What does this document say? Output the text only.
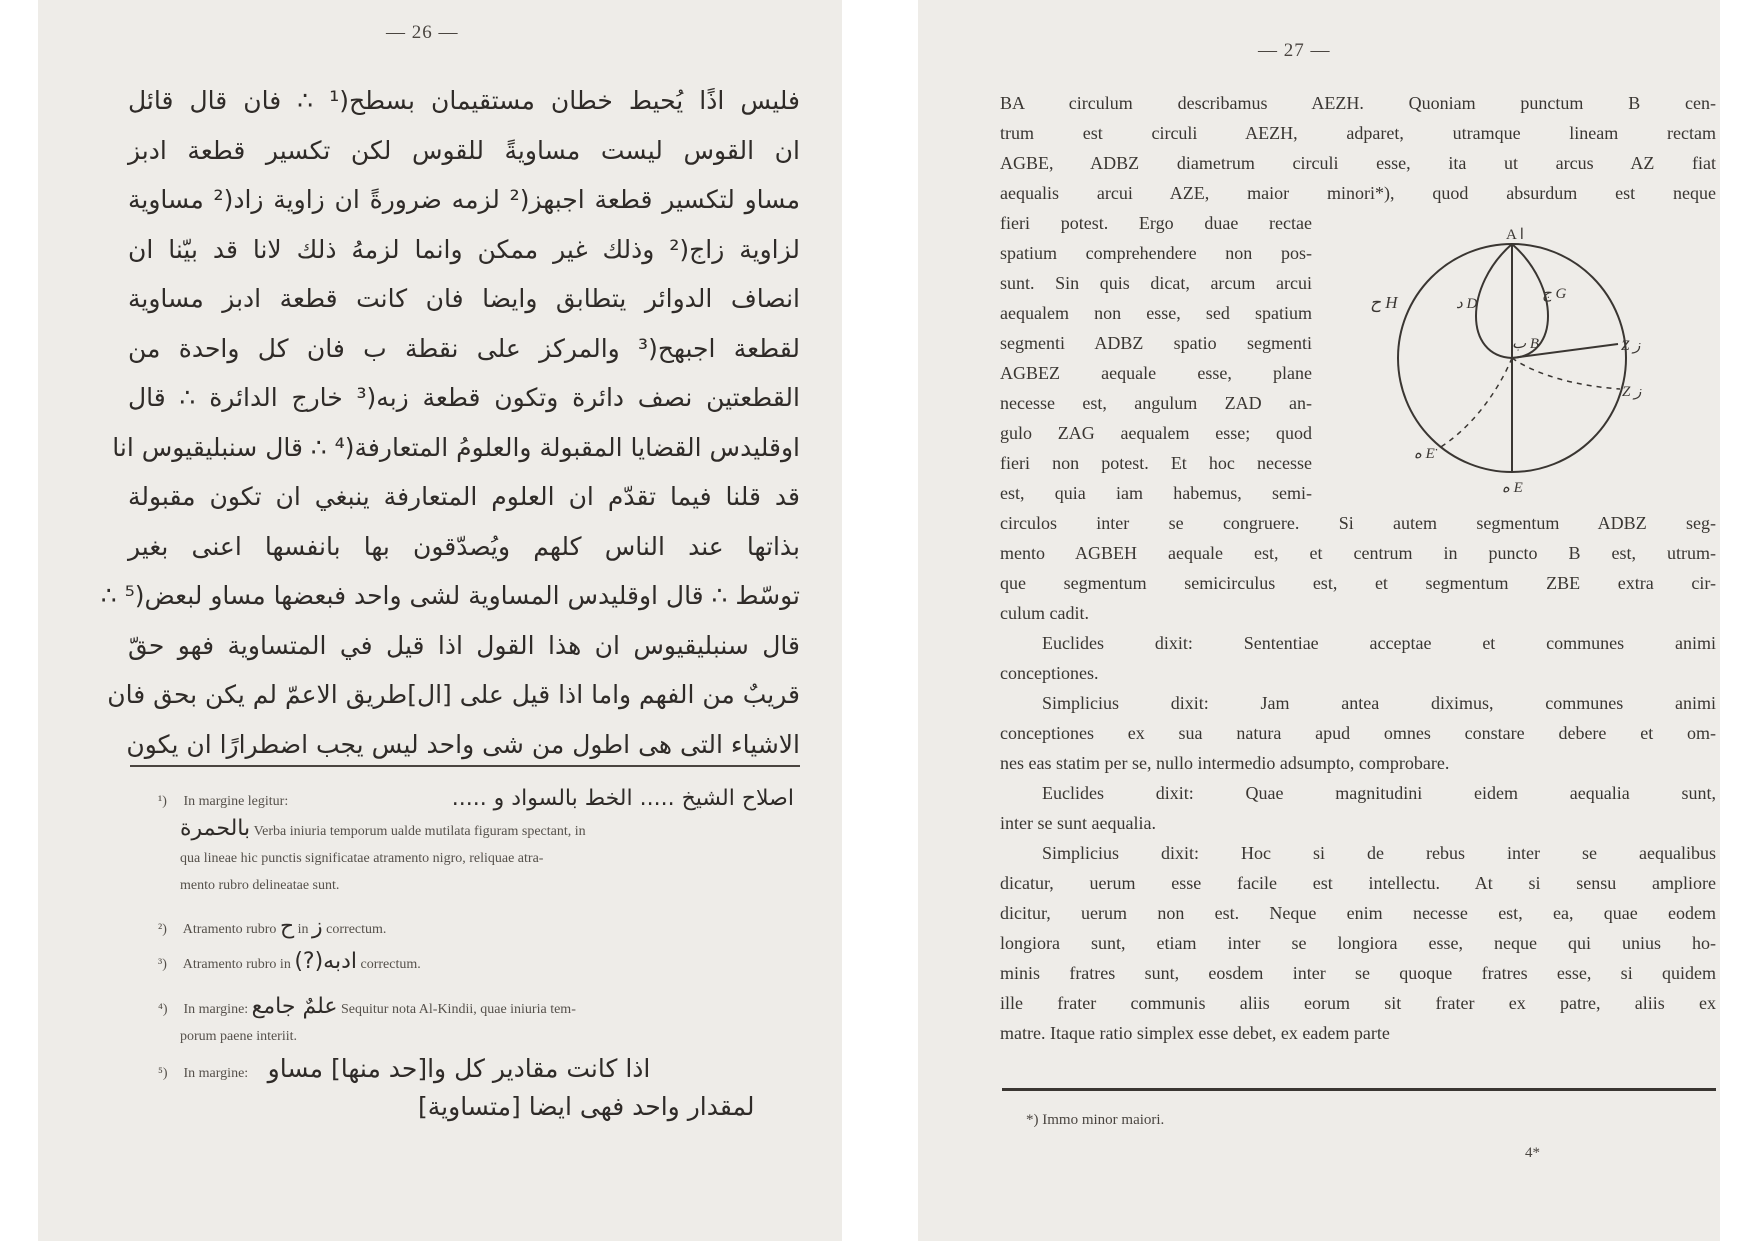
— 26 —
فليس اذًا يُحيط خطان مستقيمان بسطح(¹ ∴ فان قال قائل
ان القوس ليست مساويةً للقوس لكن تكسير قطعة ادبز
مساو لتكسير قطعة اجبهز(² لزمه ضرورةً ان زاوية زاد(² مساوية
لزاوية زاج(² وذلك غير ممكن وانما لزمهُ ذلك لانا قد بيّنا ان
انصاف الدوائر يتطابق وايضا فان كانت قطعة ادبز مساوية
لقطعة اجبهح(³ والمركز على نقطة ب فان كل واحدة من
القطعتين نصف دائرة وتكون قطعة زبه(³ خارج الدائرة ∴ قال
اوقليدس القضايا المقبولة والعلومُ المتعارفة(⁴ ∴ قال سنبليقيوس انا
قد قلنا فيما تقدّم ان العلوم المتعارفة ينبغي ان تكون مقبولة
بذاتها عند الناس كلهم ويُصدّقون بها بانفسها اعنى بغير
توسّط ∴ قال اوقليدس المساوية لشى واحد فبعضها مساو لبعض(⁵ ∴
قال سنبليقيوس ان هذا القول اذا قيل في المتساوية فهو حقّ
قريبٌ من الفهم واما اذا قيل على [ال]طريق الاعمّ لم يكن بحق فان
الاشياء التى هى اطول من شى واحد ليس يجب اضطرارًا ان يكون
¹) In margine legitur:	اصلاح الشيخ ..... الخط بالسواد و .....
بالحمرة Verba iniuria temporum ualde mutilata figuram spectant, in
qua lineae hic punctis significatae atramento nigro, reliquae atra-
mento rubro delineatae sunt.
²) Atramento rubro ح in ز correctum.
³) Atramento rubro in (?)ادبه correctum.
⁴) In margine: علمٌ جامع Sequitur nota Al-Kindii, quae iniuria tem-
porum paene interiit.
⁵) In margine: اذا كانت مقادير كل وا[حد منها] مساو
لمقدار واحد فهى ايضا [متساوية]
— 27 —
BA circulum describamus AEZH. Quoniam punctum B cen-
trum est circuli AEZH, adparet, utramque lineam rectam
AGBE, ADBZ diametrum circuli esse, ita ut arcus AZ fiat
aequalis arcui AZE, maior minori*), quod absurdum est neque
fieri potest. Ergo duae rectae
spatium comprehendere non pos-
sunt. Sin quis dicat, arcum arcui
aequalem non esse, sed spatium
segmenti ADBZ spatio segmenti
AGBEZ aequale esse, plane
necesse est, angulum ZAD an-
gulo ZAG aequalem esse; quod
fieri non potest. Et hoc necesse
est, quia iam habemus, semi-
A ا
د D
ج G
ب B
ح H
Z ز
Z ز
ه E
ه E
circulos inter se congruere. Si autem segmentum ADBZ seg-
mento AGBEH aequale est, et centrum in puncto B est, utrum-
que segmentum semicirculus est, et segmentum ZBE extra cir-
culum cadit.
Euclides dixit: Sententiae acceptae et communes animi
conceptiones.
Simplicius dixit: Jam antea diximus, communes animi
conceptiones ex sua natura apud omnes constare debere et om-
nes eas statim per se, nullo intermedio adsumpto, comprobare.
Euclides dixit: Quae magnitudini eidem aequalia sunt,
inter se sunt aequalia.
Simplicius dixit: Hoc si de rebus inter se aequalibus
dicatur, uerum esse facile est intellectu. At si sensu ampliore
dicitur, uerum non est. Neque enim necesse est, ea, quae eodem
longiora sunt, etiam inter se longiora esse, neque qui unius ho-
minis fratres sunt, eosdem inter se quoque fratres esse, si quidem
ille frater communis aliis eorum sit frater ex patre, aliis ex
matre. Itaque ratio simplex esse debet, ex eadem parte
*) Immo minor maiori.
4*
